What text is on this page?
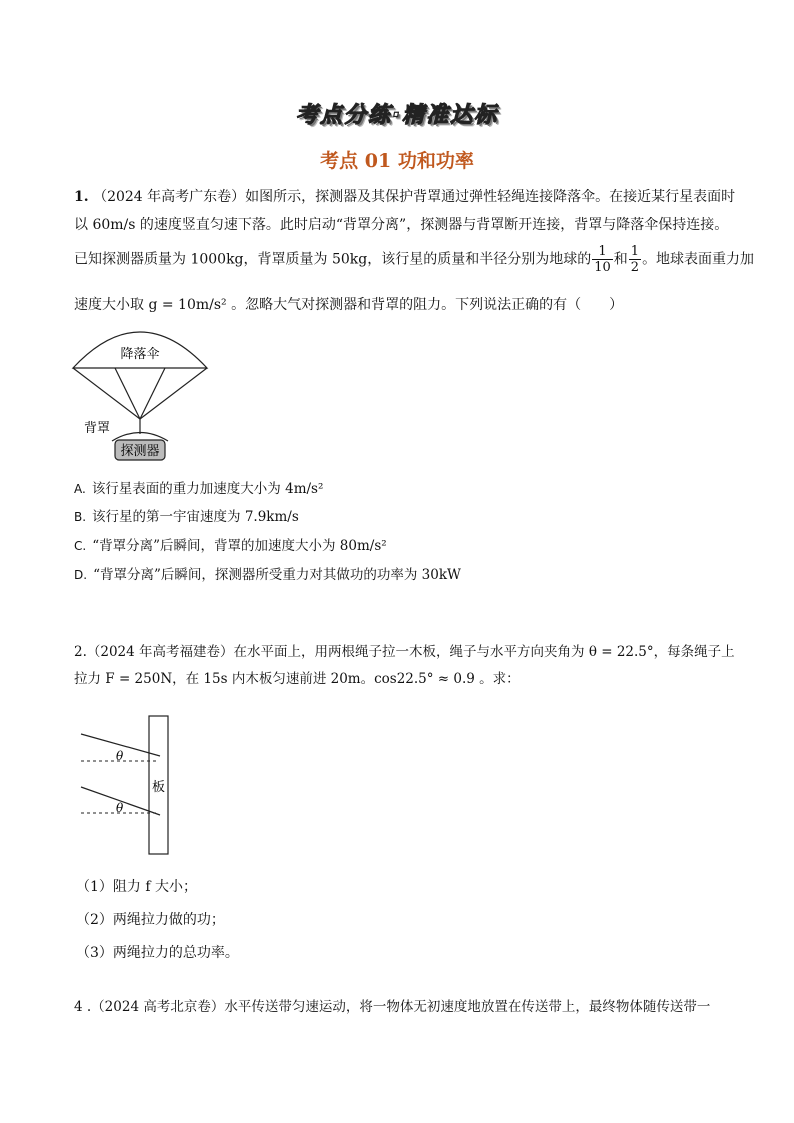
考点分练·精准达标
考点 01 功和功率
1. （2024 年高考广东卷）如图所示，探测器及其保护背罩通过弹性轻绳连接降落伞。在接近某行星表面时
以 60m/s 的速度竖直匀速下落。此时启动“背罩分离”，探测器与背罩断开连接，背罩与降落伞保持连接。
已知探测器质量为 1000kg，背罩质量为 50kg，该行星的质量和半径分别为地球的 $\frac{1}{10}$ 和 $\frac{1}{2}$ 。地球表面重力加
速度大小取 g = 10m/s² 。忽略大气对探测器和背罩的阻力。下列说法正确的有（　　）
降落伞
背罩
探测器
A. 该行星表面的重力加速度大小为 4m/s²
B. 该行星的第一宇宙速度为 7.9km/s
C. “背罩分离”后瞬间，背罩的加速度大小为 80m/s²
D. “背罩分离”后瞬间，探测器所受重力对其做功的功率为 30kW
2.（2024 年高考福建卷）在水平面上，用两根绳子拉一木板，绳子与水平方向夹角为 θ = 22.5°，每条绳子上
拉力 F = 250N，在 15s 内木板匀速前进 20m。cos22.5° ≈ 0.9 。求：
θ
θ
板
（1）阻力 f 大小；
（2）两绳拉力做的功；
（3）两绳拉力的总功率。
4 .（2024 高考北京卷）水平传送带匀速运动，将一物体无初速度地放置在传送带上，最终物体随传送带一
